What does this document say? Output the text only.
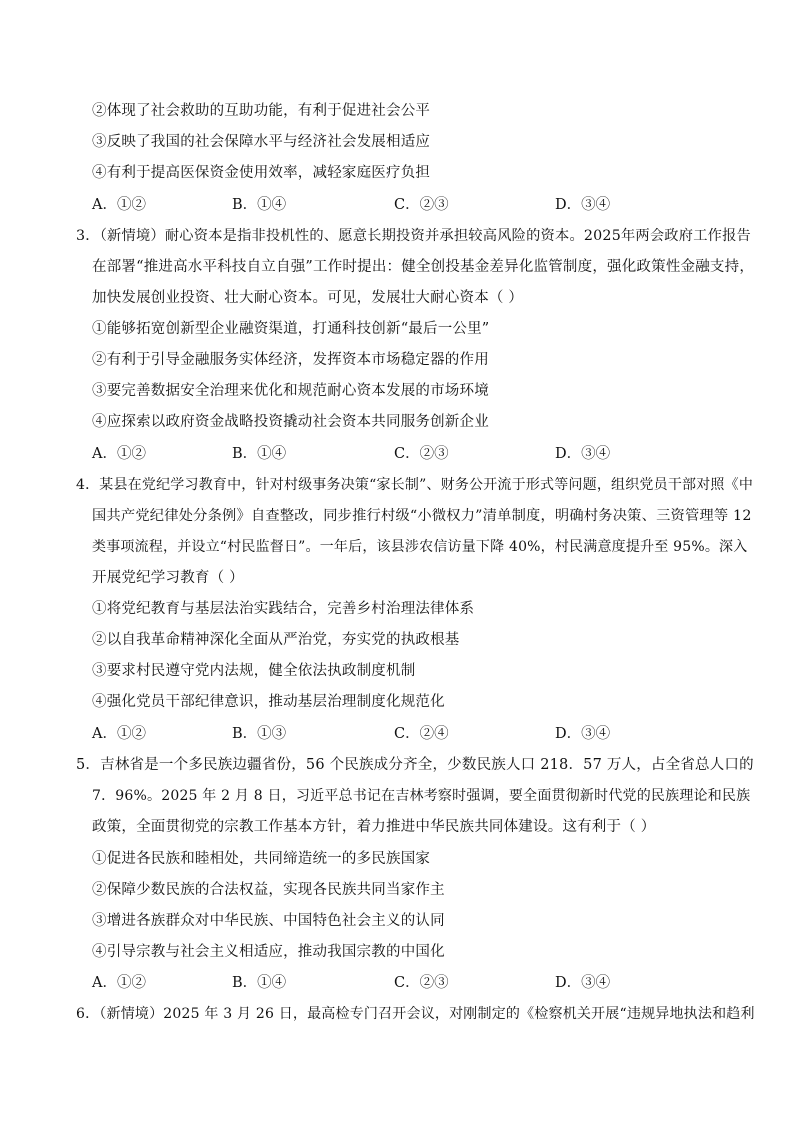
②体现了社会救助的互助功能，有利于促进社会公平
③反映了我国的社会保障水平与经济社会发展相适应
④有利于提高医保资金使用效率，减轻家庭医疗负担
A．①②	B．①④	C．②③	D．③④
3．（新情境）耐心资本是指非投机性的、愿意长期投资并承担较高风险的资本。2025年两会政府工作报告
在部署“推进高水平科技自立自强”工作时提出：健全创投基金差异化监管制度，强化政策性金融支持，
加快发展创业投资、壮大耐心资本。可见，发展壮大耐心资本（ ）
①能够拓宽创新型企业融资渠道，打通科技创新“最后一公里”
②有利于引导金融服务实体经济，发挥资本市场稳定器的作用
③要完善数据安全治理来优化和规范耐心资本发展的市场环境
④应探索以政府资金战略投资撬动社会资本共同服务创新企业
A．①②	B．①④	C．②③	D．③④
4．某县在党纪学习教育中，针对村级事务决策“家长制”、财务公开流于形式等问题，组织党员干部对照《中
国共产党纪律处分条例》自查整改，同步推行村级“小微权力”清单制度，明确村务决策、三资管理等 12
类事项流程，并设立“村民监督日”。一年后，该县涉农信访量下降 40%，村民满意度提升至 95%。深入
开展党纪学习教育（ ）
①将党纪教育与基层法治实践结合，完善乡村治理法律体系
②以自我革命精神深化全面从严治党，夯实党的执政根基
③要求村民遵守党内法规，健全依法执政制度机制
④强化党员干部纪律意识，推动基层治理制度化规范化
A．①②	B．①③	C．②④	D．③④
5．吉林省是一个多民族边疆省份，56 个民族成分齐全，少数民族人口 218．57 万人，占全省总人口的
7．96%。2025 年 2 月 8 日，习近平总书记在吉林考察时强调，要全面贯彻新时代党的民族理论和民族
政策，全面贯彻党的宗教工作基本方针，着力推进中华民族共同体建设。这有利于（ ）
①促进各民族和睦相处，共同缔造统一的多民族国家
②保障少数民族的合法权益，实现各民族共同当家作主
③增进各族群众对中华民族、中国特色社会主义的认同
④引导宗教与社会主义相适应，推动我国宗教的中国化
A．①②	B．①④	C．②③	D．③④
6．（新情境）2025 年 3 月 26 日，最高检专门召开会议，对刚制定的《检察机关开展“违规异地执法和趋利
